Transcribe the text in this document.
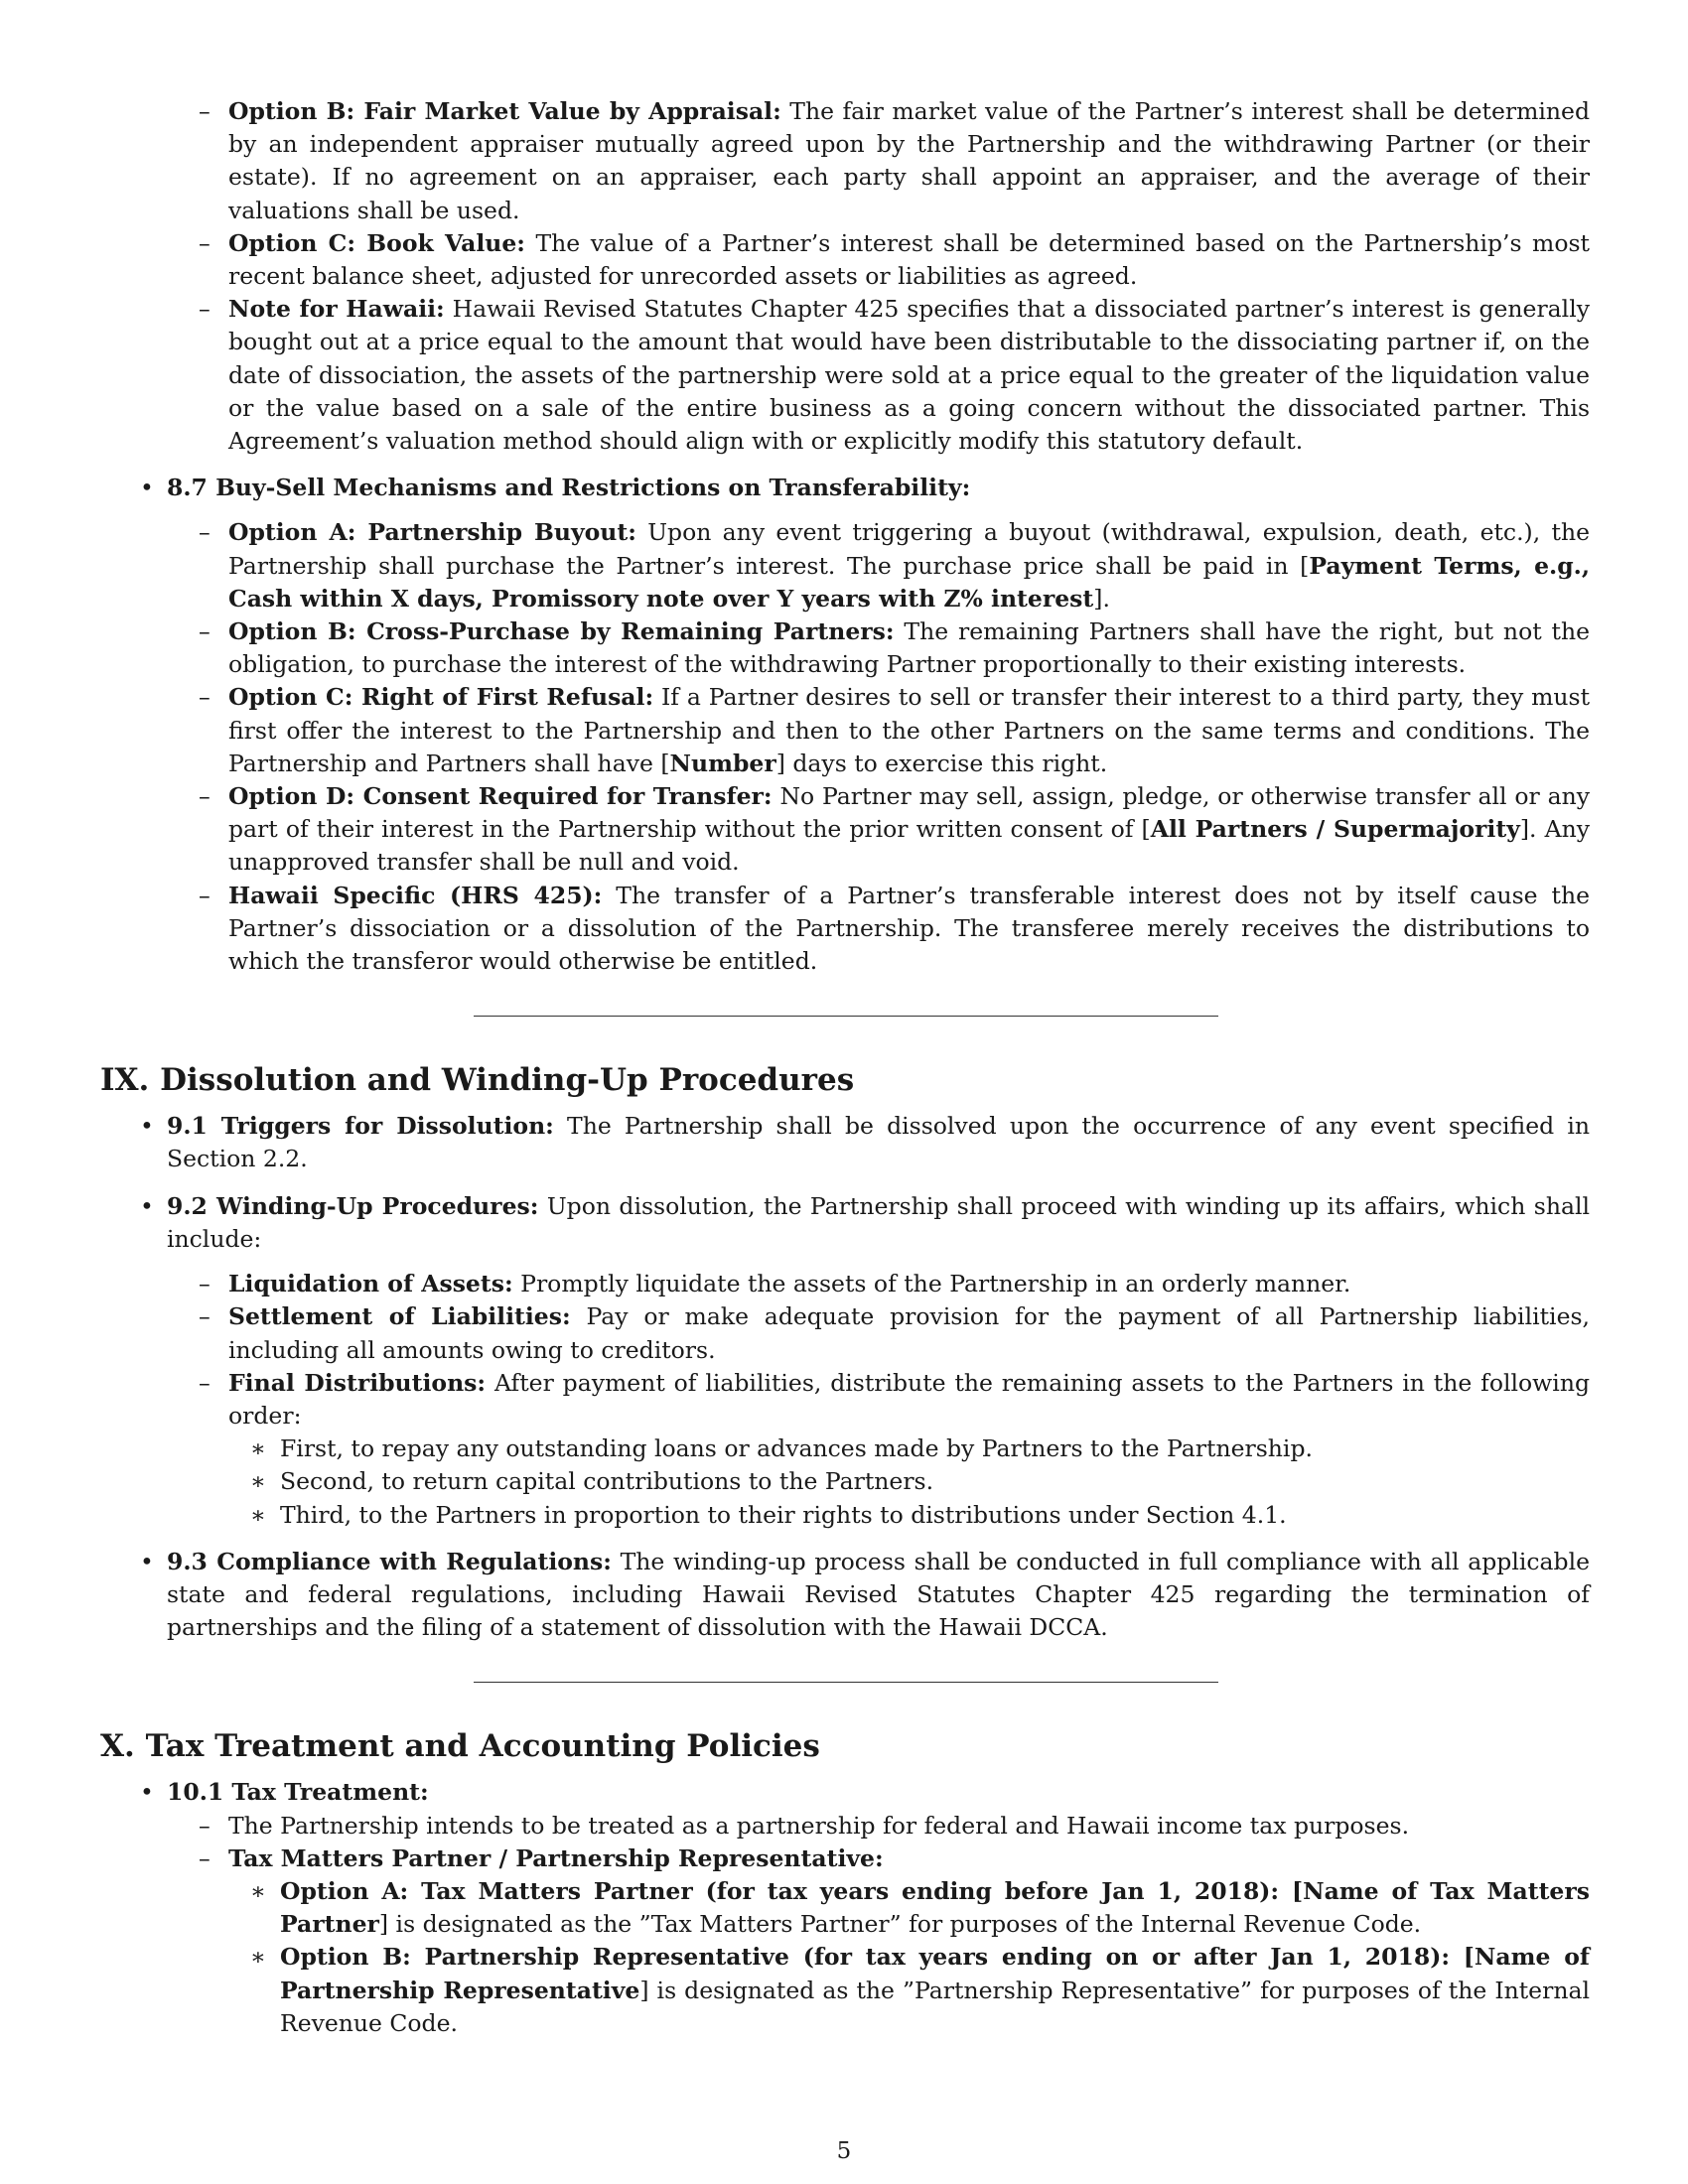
– Option B: Fair Market Value by Appraisal: The fair market value of the Partner’s interest shall be determined by an independent appraiser mutually agreed upon by the Partnership and the withdrawing Partner (or their estate). If no agreement on an appraiser, each party shall appoint an appraiser, and the average of their valuations shall be used.
– Option C: Book Value: The value of a Partner’s interest shall be determined based on the Partnership’s most recent balance sheet, adjusted for unrecorded assets or liabilities as agreed.
– Note for Hawaii: Hawaii Revised Statutes Chapter 425 specifies that a dissociated partner’s interest is generally bought out at a price equal to the amount that would have been distributable to the dissociating partner if, on the date of dissociation, the assets of the partnership were sold at a price equal to the greater of the liquidation value or the value based on a sale of the entire business as a going concern without the dissociated partner. This Agreement’s valuation method should align with or explicitly modify this statutory default.
• 8.7 Buy-Sell Mechanisms and Restrictions on Transferability:
– Option A: Partnership Buyout: Upon any event triggering a buyout (withdrawal, expulsion, death, etc.), the Partnership shall purchase the Partner’s interest. The purchase price shall be paid in [Payment Terms, e.g., Cash within X days, Promissory note over Y years with Z% interest].
– Option B: Cross-Purchase by Remaining Partners: The remaining Partners shall have the right, but not the obligation, to purchase the interest of the withdrawing Partner proportionally to their existing interests.
– Option C: Right of First Refusal: If a Partner desires to sell or transfer their interest to a third party, they must first offer the interest to the Partnership and then to the other Partners on the same terms and conditions. The Partnership and Partners shall have [Number] days to exercise this right.
– Option D: Consent Required for Transfer: No Partner may sell, assign, pledge, or otherwise transfer all or any part of their interest in the Partnership without the prior written consent of [All Partners / Supermajority]. Any unapproved transfer shall be null and void.
– Hawaii Specific (HRS 425): The transfer of a Partner’s transferable interest does not by itself cause the Partner’s dissociation or a dissolution of the Partnership. The transferee merely receives the distributions to which the transferor would otherwise be entitled.
IX. Dissolution and Winding-Up Procedures
• 9.1 Triggers for Dissolution: The Partnership shall be dissolved upon the occurrence of any event specified in Section 2.2.
• 9.2 Winding-Up Procedures: Upon dissolution, the Partnership shall proceed with winding up its affairs, which shall include:
– Liquidation of Assets: Promptly liquidate the assets of the Partnership in an orderly manner.
– Settlement of Liabilities: Pay or make adequate provision for the payment of all Partnership liabilities, including all amounts owing to creditors.
– Final Distributions: After payment of liabilities, distribute the remaining assets to the Partners in the following order:
∗ First, to repay any outstanding loans or advances made by Partners to the Partnership.
∗ Second, to return capital contributions to the Partners.
∗ Third, to the Partners in proportion to their rights to distributions under Section 4.1.
• 9.3 Compliance with Regulations: The winding-up process shall be conducted in full compliance with all applicable state and federal regulations, including Hawaii Revised Statutes Chapter 425 regarding the termination of partnerships and the filing of a statement of dissolution with the Hawaii DCCA.
X. Tax Treatment and Accounting Policies
• 10.1 Tax Treatment:
– The Partnership intends to be treated as a partnership for federal and Hawaii income tax purposes.
– Tax Matters Partner / Partnership Representative:
∗ Option A: Tax Matters Partner (for tax years ending before Jan 1, 2018): [Name of Tax Matters Partner] is designated as the ”Tax Matters Partner” for purposes of the Internal Revenue Code.
∗ Option B: Partnership Representative (for tax years ending on or after Jan 1, 2018): [Name of Partnership Representative] is designated as the ”Partnership Representative” for purposes of the Internal Revenue Code.
5
